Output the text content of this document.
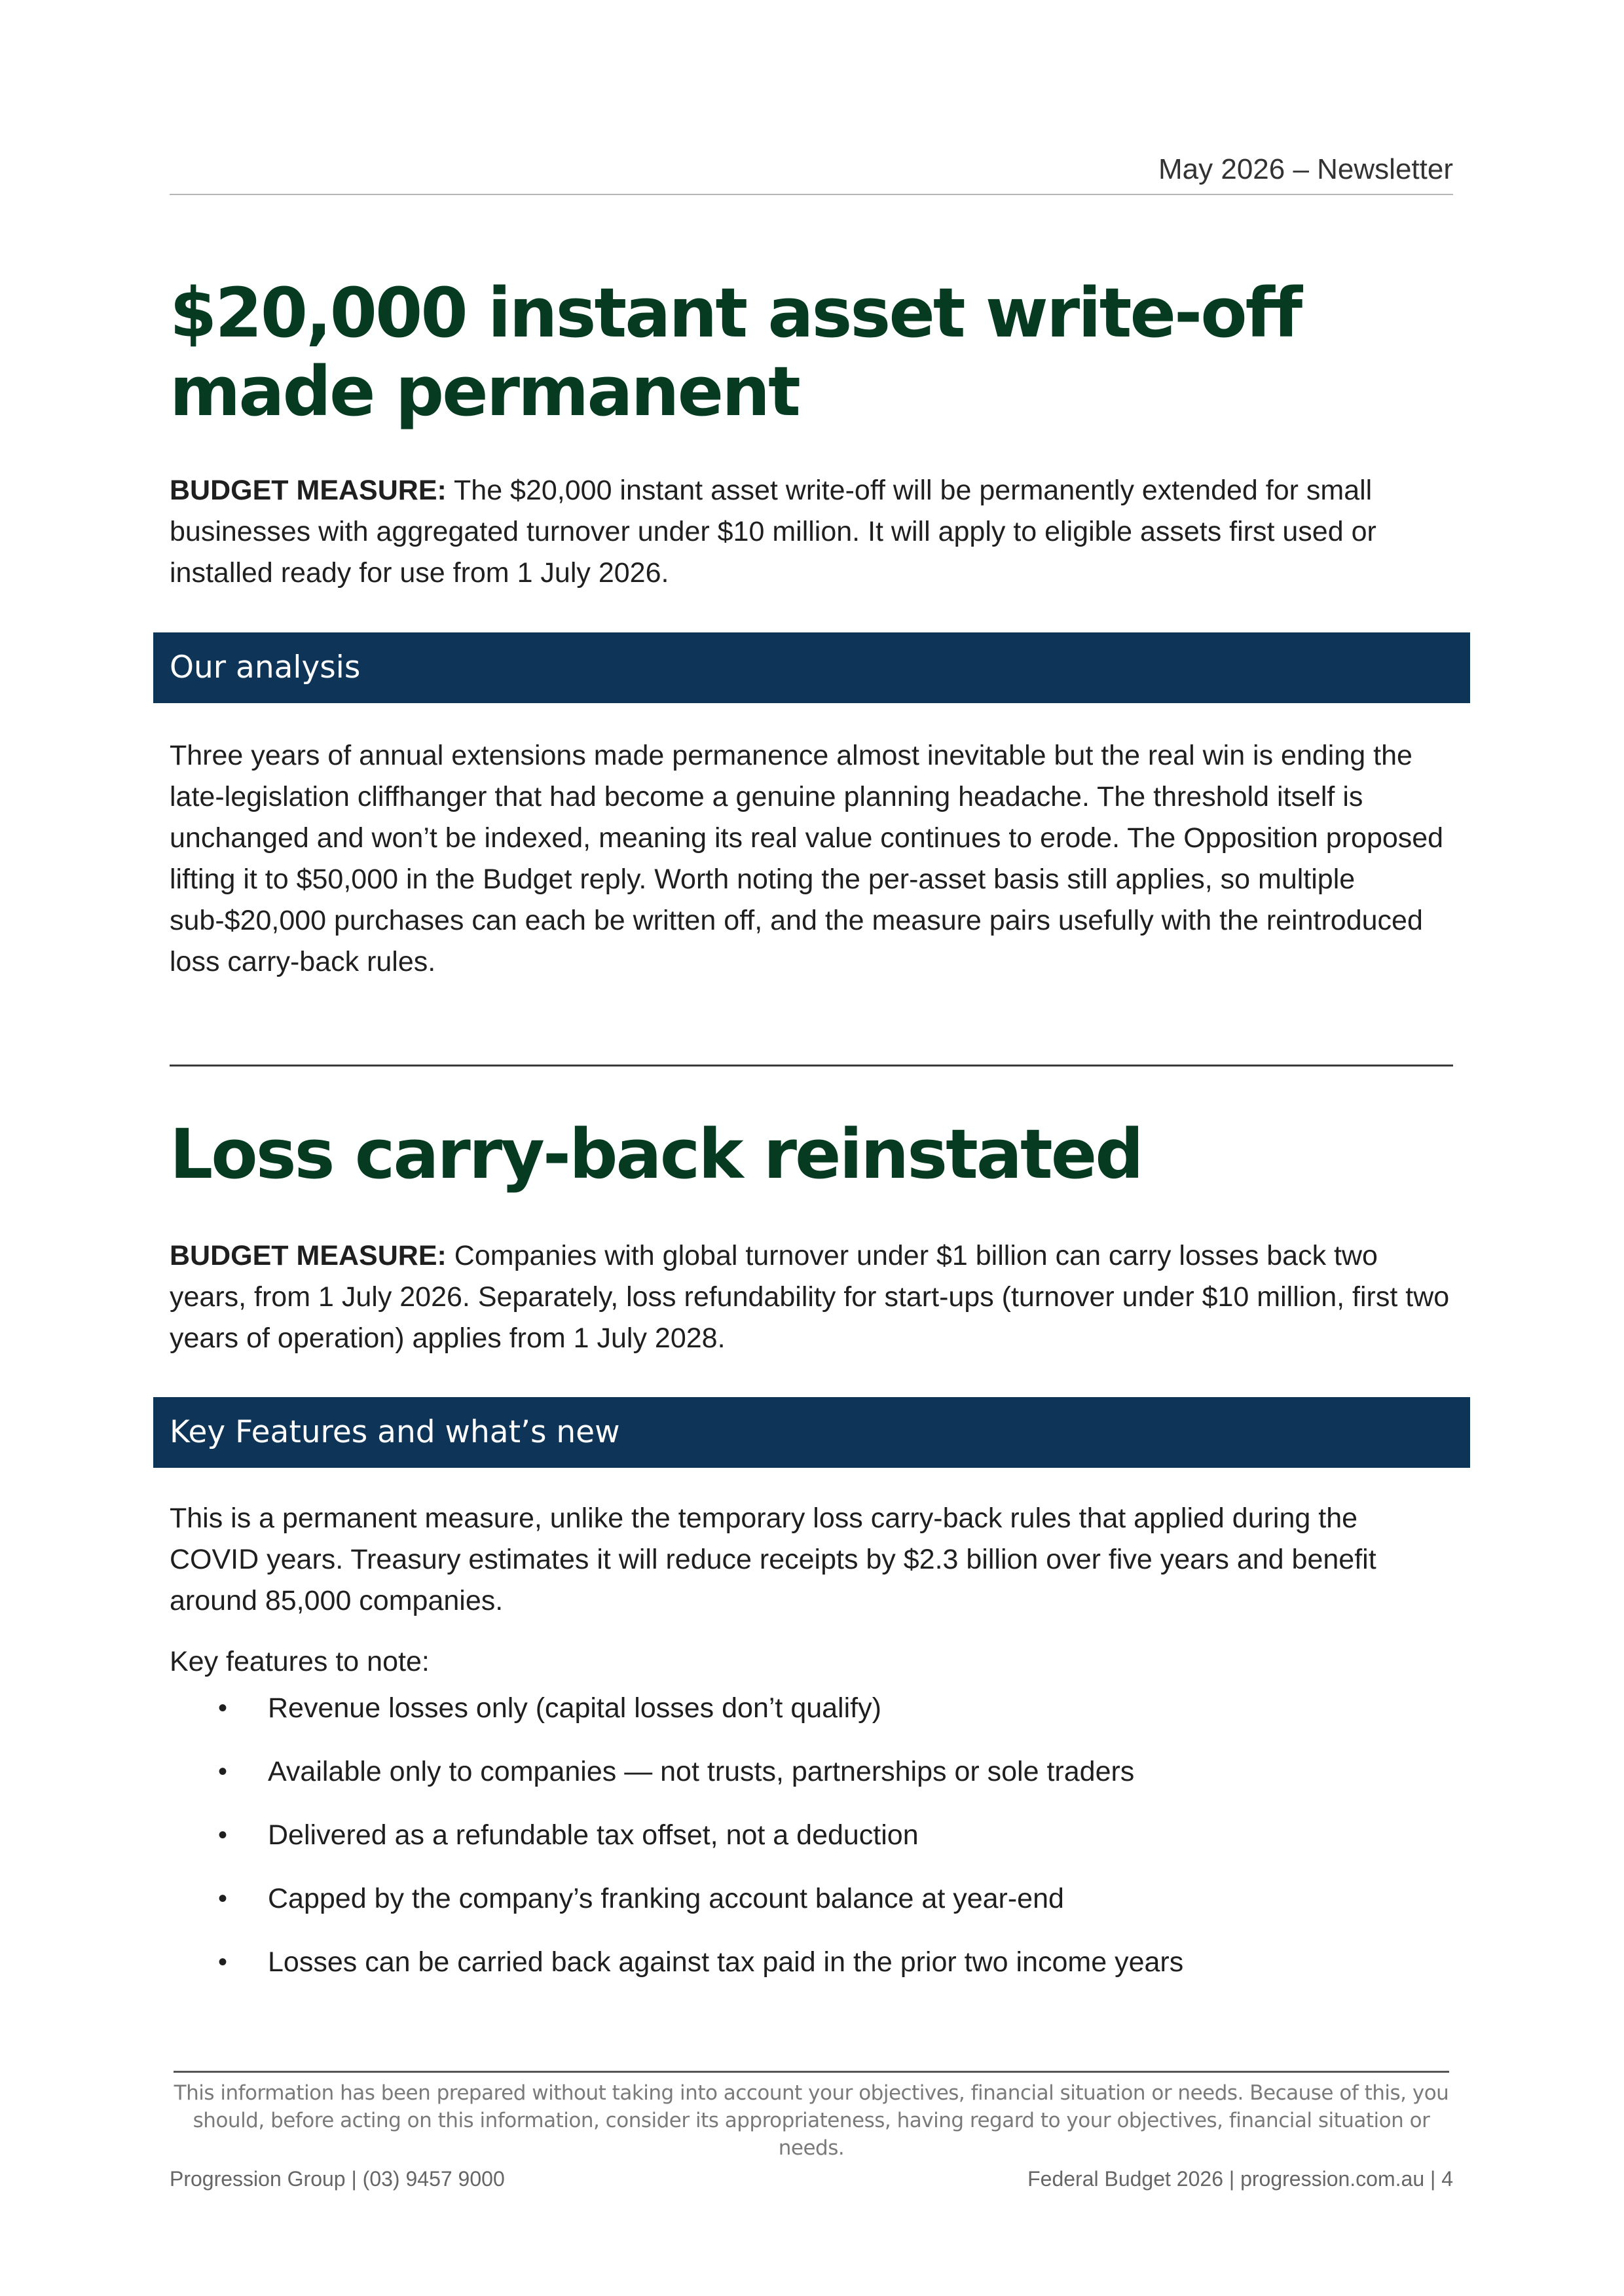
May 2026 – Newsletter
$20,000 instant asset write-off made permanent

BUDGET MEASURE: The $20,000 instant asset write-off will be permanently extended for small businesses with aggregated turnover under $10 million. It will apply to eligible assets first used or installed ready for use from 1 July 2026.

Our analysis

Three years of annual extensions made permanence almost inevitable but the real win is ending the late-legislation cliffhanger that had become a genuine planning headache. The threshold itself is unchanged and won’t be indexed, meaning its real value continues to erode. The Opposition proposed lifting it to $50,000 in the Budget reply. Worth noting the per-asset basis still applies, so multiple sub-$20,000 purchases can each be written off, and the measure pairs usefully with the reintroduced loss carry-back rules.

Loss carry-back reinstated

BUDGET MEASURE: Companies with global turnover under $1 billion can carry losses back two years, from 1 July 2026. Separately, loss refundability for start-ups (turnover under $10 million, first two years of operation) applies from 1 July 2028.

Key Features and what’s new

This is a permanent measure, unlike the temporary loss carry-back rules that applied during the COVID years. Treasury estimates it will reduce receipts by $2.3 billion over five years and benefit around 85,000 companies.

Key features to note:

• Revenue losses only (capital losses don’t qualify)
• Available only to companies — not trusts, partnerships or sole traders
• Delivered as a refundable tax offset, not a deduction
• Capped by the company’s franking account balance at year-end
• Losses can be carried back against tax paid in the prior two income years
This information has been prepared without taking into account your objectives, financial situation or needs. Because of this, you should, before acting on this information, consider its appropriateness, having regard to your objectives, financial situation or needs.
Progression Group | (03) 9457 9000	Federal Budget 2026 | progression.com.au | 4
